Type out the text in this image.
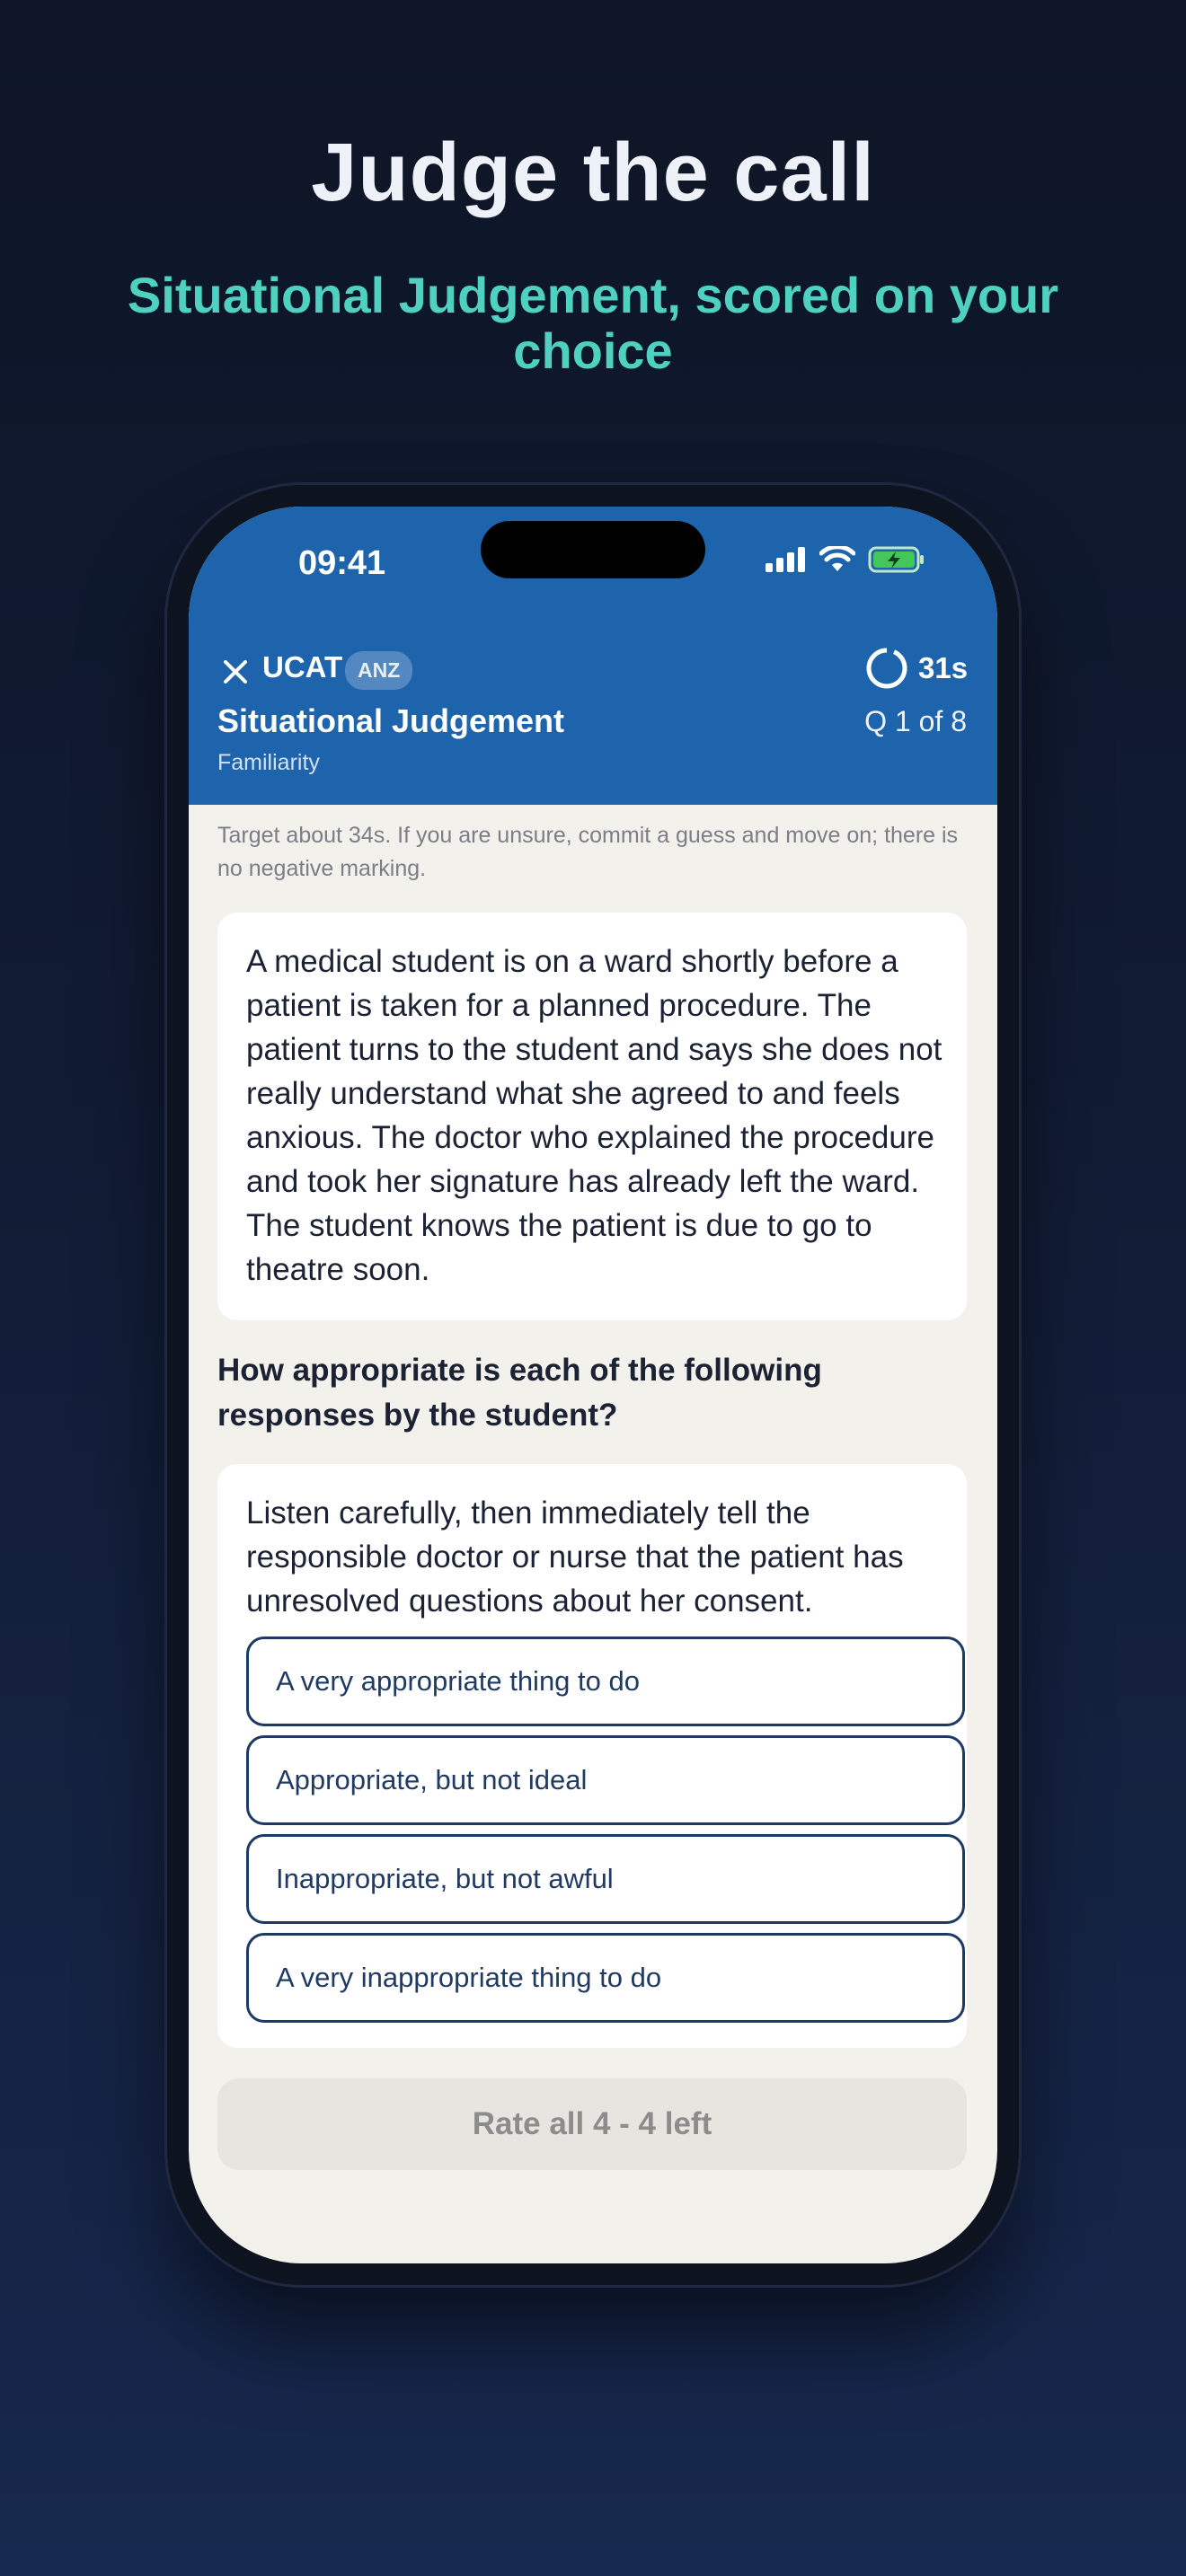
Judge the call

Situational Judgement, scored on your choice

09:41
UCAT ANZ	31s
Situational Judgement	Q 1 of 8
Familiarity
Target about 34s. If you are unsure, commit a guess and move on; there is no negative marking.
A medical student is on a ward shortly before a patient is taken for a planned procedure. The patient turns to the student and says she does not really understand what she agreed to and feels anxious. The doctor who explained the procedure and took her signature has already left the ward. The student knows the patient is due to go to theatre soon.
How appropriate is each of the following responses by the student?
Listen carefully, then immediately tell the responsible doctor or nurse that the patient has unresolved questions about her consent.
A very appropriate thing to do
Appropriate, but not ideal
Inappropriate, but not awful
A very inappropriate thing to do
Rate all 4 - 4 left
